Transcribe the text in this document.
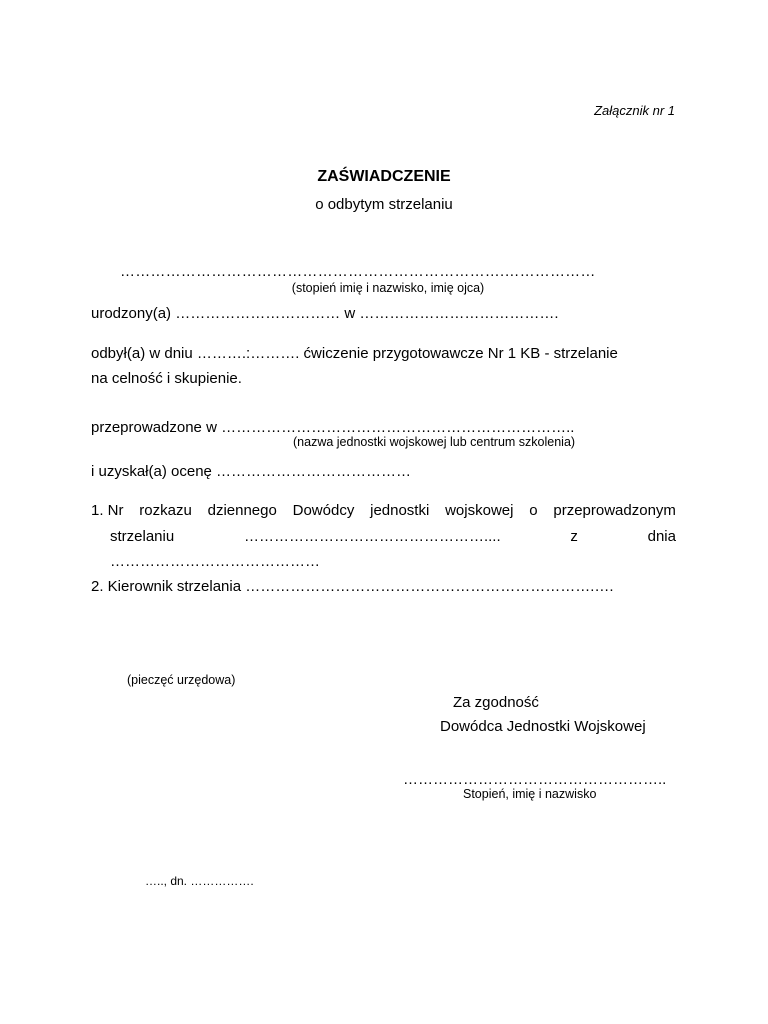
Załącznik nr 1
ZAŚWIADCZENIE
o odbytym strzelaniu
………………………………………………………………….………………
(stopień imię i nazwisko, imię ojca)
urodzony(a) …………………………… w ………………………………….
odbył(a) w dniu ……….:………. ćwiczenie przygotowawcze Nr 1 KB - strzelanie
na celność i skupienie.
przeprowadzone w ……………………………………………………………..
(nazwa jednostki wojskowej lub centrum szkolenia)
i uzyskał(a) ocenę …………………………………
1. Nr rozkazu dziennego Dowódcy jednostki wojskowej o przeprowadzonym
strzelaniu	…………………………………………....	z	dnia
……………………………………
2. Kierownik strzelania …………………………………………………………….….
(pieczęć urzędowa)
Za zgodność
Dowódca Jednostki Wojskowej
……………………………………………..
Stopień, imię i nazwisko
….., dn. …………….
